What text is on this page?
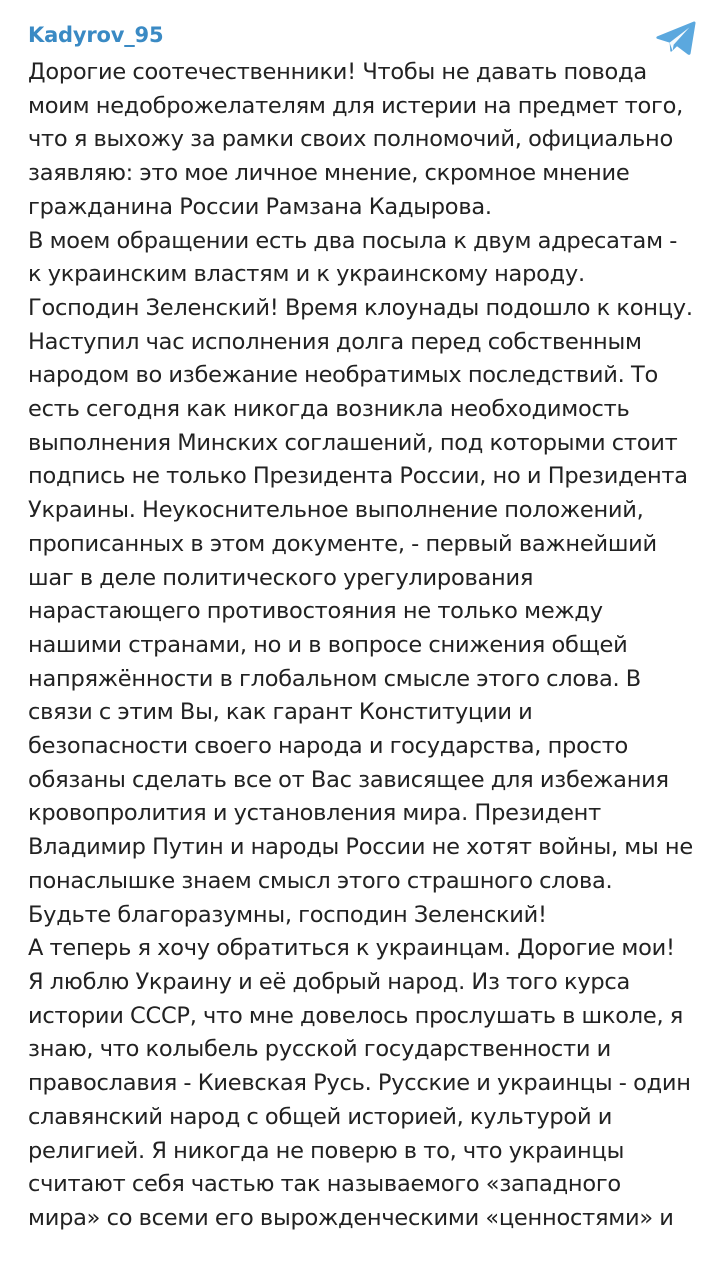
Kadyrov_95

Дорогие соотечественники! Чтобы не давать повода моим недоброжелателям для истерии на предмет того, что я выхожу за рамки своих полномочий, официально заявляю: это мое личное мнение, скромное мнение гражданина России Рамзана Кадырова.

В моем обращении есть два посыла к двум адресатам - к украинским властям и к украинскому народу. Господин Зеленский! Время клоунады подошло к концу. Наступил час исполнения долга перед собственным народом во избежание необратимых последствий. То есть сегодня как никогда возникла необходимость выполнения Минских соглашений, под которыми стоит подпись не только Президента России, но и Президента Украины. Неукоснительное выполнение положений, прописанных в этом документе, - первый важнейший шаг в деле политического урегулирования нарастающего противостояния не только между нашими странами, но и в вопросе снижения общей напряжённости в глобальном смысле этого слова. В связи с этим Вы, как гарант Конституции и безопасности своего народа и государства, просто обязаны сделать все от Вас зависящее для избежания кровопролития и установления мира. Президент Владимир Путин и народы России не хотят войны, мы не понаслышке знаем смысл этого страшного слова. Будьте благоразумны, господин Зеленский!

А теперь я хочу обратиться к украинцам. Дорогие мои! Я люблю Украину и её добрый народ. Из того курса истории СССР, что мне довелось прослушать в школе, я знаю, что колыбель русской государственности и православия - Киевская Русь. Русские и украинцы - один славянский народ с общей историей, культурой и религией. Я никогда не поверю в то, что украинцы считают себя частью так называемого «западного мира» со всеми его вырожденческими «ценностями» и
